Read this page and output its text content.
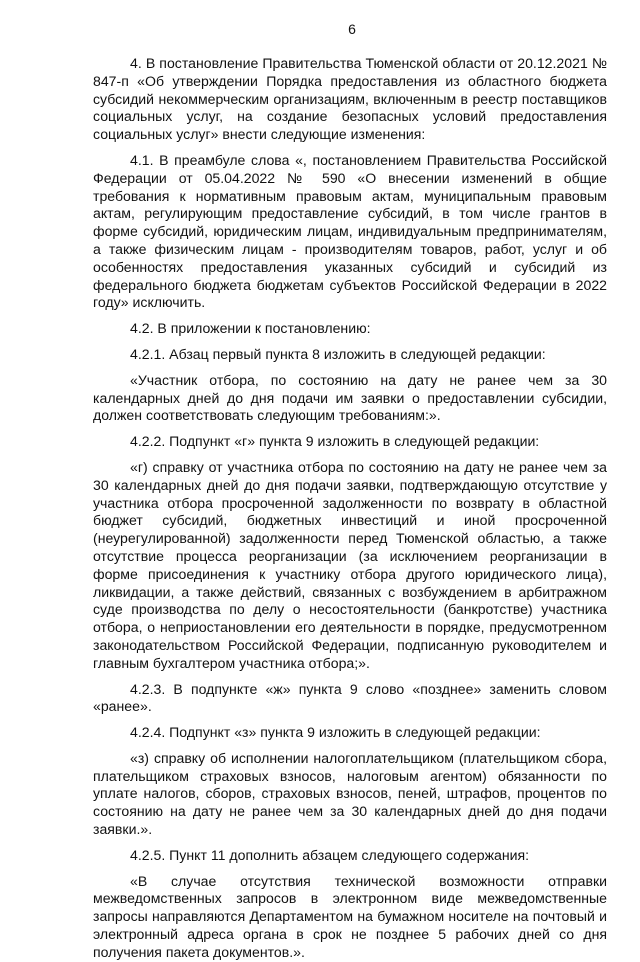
6

4. В постановление Правительства Тюменской области от 20.12.2021 № 847-п «Об утверждении Порядка предоставления из областного бюджета субсидий некоммерческим организациям, включенным в реестр поставщиков социальных услуг, на создание безопасных условий предоставления социальных услуг» внести следующие изменения:

4.1. В преамбуле слова «, постановлением Правительства Российской Федерации от 05.04.2022 № 590 «О внесении изменений в общие требования к нормативным правовым актам, муниципальным правовым актам, регулирующим предоставление субсидий, в том числе грантов в форме субсидий, юридическим лицам, индивидуальным предпринимателям, а также физическим лицам - производителям товаров, работ, услуг и об особенностях предоставления указанных субсидий и субсидий из федерального бюджета бюджетам субъектов Российской Федерации в 2022 году» исключить.

4.2. В приложении к постановлению:

4.2.1. Абзац первый пункта 8 изложить в следующей редакции:

«Участник отбора, по состоянию на дату не ранее чем за 30 календарных дней до дня подачи им заявки о предоставлении субсидии, должен соответствовать следующим требованиям:».

4.2.2. Подпункт «г» пункта 9 изложить в следующей редакции:

«г) справку от участника отбора по состоянию на дату не ранее чем за 30 календарных дней до дня подачи заявки, подтверждающую отсутствие у участника отбора просроченной задолженности по возврату в областной бюджет субсидий, бюджетных инвестиций и иной просроченной (неурегулированной) задолженности перед Тюменской областью, а также отсутствие процесса реорганизации (за исключением реорганизации в форме присоединения к участнику отбора другого юридического лица), ликвидации, а также действий, связанных с возбуждением в арбитражном суде производства по делу о несостоятельности (банкротстве) участника отбора, о неприостановлении его деятельности в порядке, предусмотренном законодательством Российской Федерации, подписанную руководителем и главным бухгалтером участника отбора;».

4.2.3. В подпункте «ж» пункта 9 слово «позднее» заменить словом «ранее».

4.2.4. Подпункт «з» пункта 9 изложить в следующей редакции:

«з) справку об исполнении налогоплательщиком (плательщиком сбора, плательщиком страховых взносов, налоговым агентом) обязанности по уплате налогов, сборов, страховых взносов, пеней, штрафов, процентов по состоянию на дату не ранее чем за 30 календарных дней до дня подачи заявки.».

4.2.5. Пункт 11 дополнить абзацем следующего содержания:

«В случае отсутствия технической возможности отправки межведомственных запросов в электронном виде межведомственные запросы направляются Департаментом на бумажном носителе на почтовый и электронный адреса органа в срок не позднее 5 рабочих дней со дня получения пакета документов.».
